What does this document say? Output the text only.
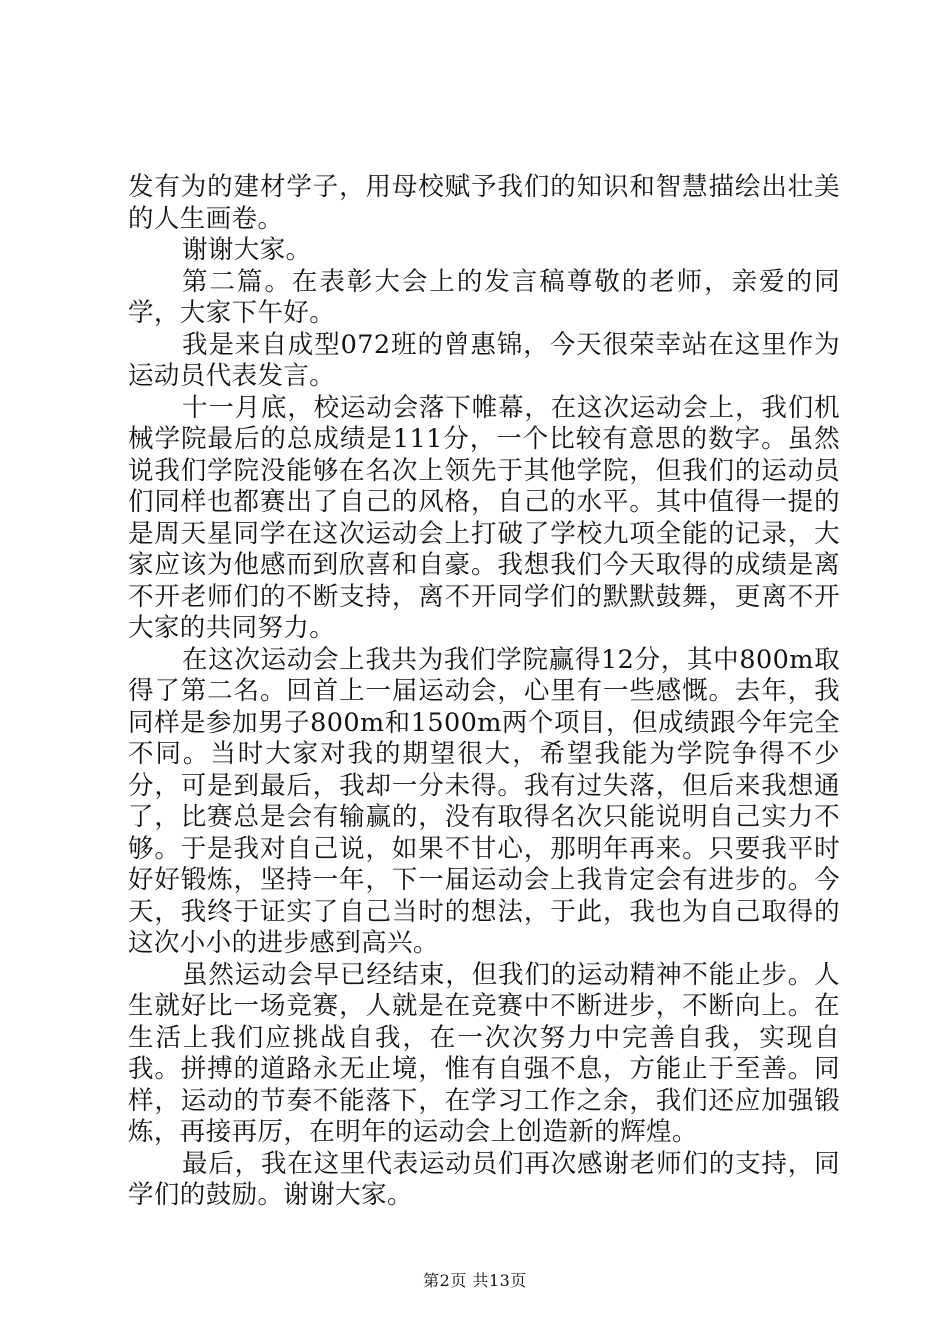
发有为的建材学子，用母校赋予我们的知识和智慧描绘出壮美的人生画卷。

谢谢大家。

第二篇。在表彰大会上的发言稿尊敬的老师，亲爱的同学，大家下午好。

我是来自成型072班的曾惠锦，今天很荣幸站在这里作为运动员代表发言。

十一月底，校运动会落下帷幕，在这次运动会上，我们机械学院最后的总成绩是111分，一个比较有意思的数字。虽然说我们学院没能够在名次上领先于其他学院，但我们的运动员们同样也都赛出了自己的风格，自己的水平。其中值得一提的是周天星同学在这次运动会上打破了学校九项全能的记录，大家应该为他感而到欣喜和自豪。我想我们今天取得的成绩是离不开老师们的不断支持，离不开同学们的默默鼓舞，更离不开大家的共同努力。

在这次运动会上我共为我们学院赢得12分，其中800m取得了第二名。回首上一届运动会，心里有一些感慨。去年，我同样是参加男子800m和1500m两个项目，但成绩跟今年完全不同。当时大家对我的期望很大，希望我能为学院争得不少分，可是到最后，我却一分未得。我有过失落，但后来我想通了，比赛总是会有输赢的，没有取得名次只能说明自己实力不够。于是我对自己说，如果不甘心，那明年再来。只要我平时好好锻炼，坚持一年，下一届运动会上我肯定会有进步的。今天，我终于证实了自己当时的想法，于此，我也为自己取得的这次小小的进步感到高兴。

虽然运动会早已经结束，但我们的运动精神不能止步。人生就好比一场竞赛，人就是在竞赛中不断进步，不断向上。在生活上我们应挑战自我，在一次次努力中完善自我，实现自我。拼搏的道路永无止境，惟有自强不息，方能止于至善。同样，运动的节奏不能落下，在学习工作之余，我们还应加强锻炼，再接再厉，在明年的运动会上创造新的辉煌。

最后，我在这里代表运动员们再次感谢老师们的支持，同学们的鼓励。谢谢大家。

第2页 共13页
